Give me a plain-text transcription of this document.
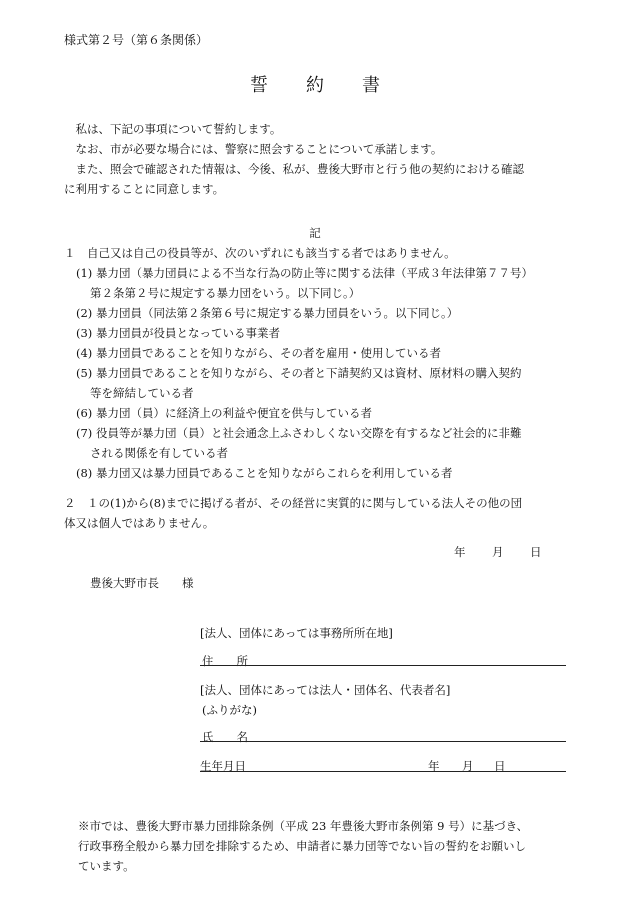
様式第２号（第６条関係）
誓約書
　私は、下記の事項について誓約します。
　なお、市が必要な場合には、警察に照会することについて承諾します。
　また、照会で確認された情報は、今後、私が、豊後大野市と行う他の契約における確認
に利用することに同意します。
記
１　自己又は自己の役員等が、次のいずれにも該当する者ではありません。
(1) 暴力団（暴力団員による不当な行為の防止等に関する法律（平成３年法律第７７号）
第２条第２号に規定する暴力団をいう。以下同じ。）
(2) 暴力団員（同法第２条第６号に規定する暴力団員をいう。以下同じ。）
(3) 暴力団員が役員となっている事業者
(4) 暴力団員であることを知りながら、その者を雇用・使用している者
(5) 暴力団員であることを知りながら、その者と下請契約又は資材、原材料の購入契約
等を締結している者
(6) 暴力団（員）に経済上の利益や便宜を供与している者
(7) 役員等が暴力団（員）と社会通念上ふさわしくない交際を有するなど社会的に非難
される関係を有している者
(8) 暴力団又は暴力団員であることを知りながらこれらを利用している者
２　１の(1)から(8)までに掲げる者が、その経営に実質的に関与している法人その他の団
体又は個人ではありません。
年 月 日
豊後大野市長 様
[法人、団体にあっては事務所所在地]
住　　所
[法人、団体にあっては法人・団体名、代表者名]
(ふりがな)
氏　　名
生年月日	年 月 日
※市では、豊後大野市暴力団排除条例（平成 23 年豊後大野市条例第 9 号）に基づき、
行政事務全般から暴力団を排除するため、申請者に暴力団等でない旨の誓約をお願いし
ています。
